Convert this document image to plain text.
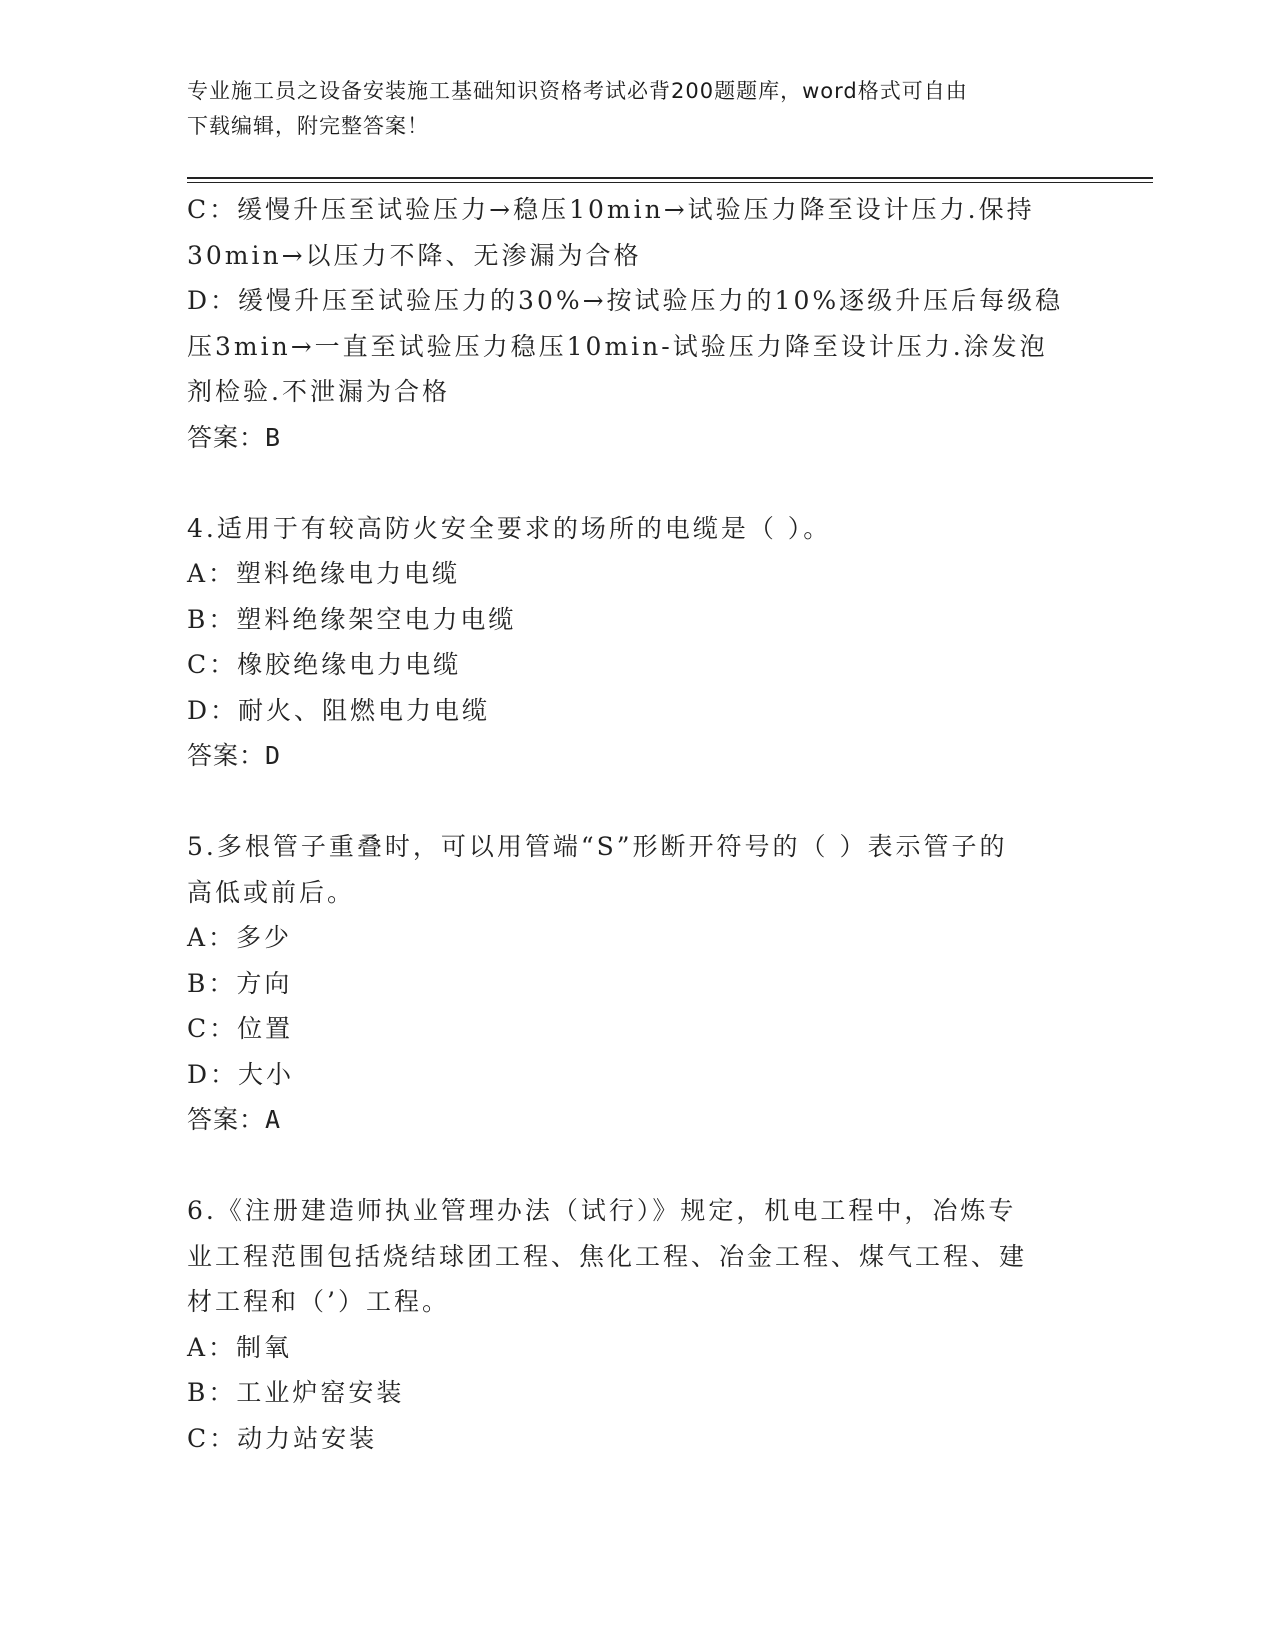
专业施工员之设备安装施工基础知识资格考试必背200题题库，word格式可自由
下载编辑，附完整答案！
C：缓慢升压至试验压力→稳压10min→试验压力降至设计压力.保持
30min→以压力不降、无渗漏为合格
D：缓慢升压至试验压力的30%→按试验压力的10%逐级升压后每级稳
压3min→一直至试验压力稳压10min-试验压力降至设计压力.涂发泡
剂检验.不泄漏为合格
答案：B
4.适用于有较高防火安全要求的场所的电缆是（ ）。
A：塑料绝缘电力电缆
B：塑料绝缘架空电力电缆
C：橡胶绝缘电力电缆
D：耐火、阻燃电力电缆
答案：D
5.多根管子重叠时，可以用管端“S”形断开符号的（ ）表示管子的
高低或前后。
A：多少
B：方向
C：位置
D：大小
答案：A
6.《注册建造师执业管理办法（试行）》规定，机电工程中，冶炼专
业工程范围包括烧结球团工程、焦化工程、冶金工程、煤气工程、建
材工程和（’）工程。
A：制氧
B：工业炉窑安装
C：动力站安装
